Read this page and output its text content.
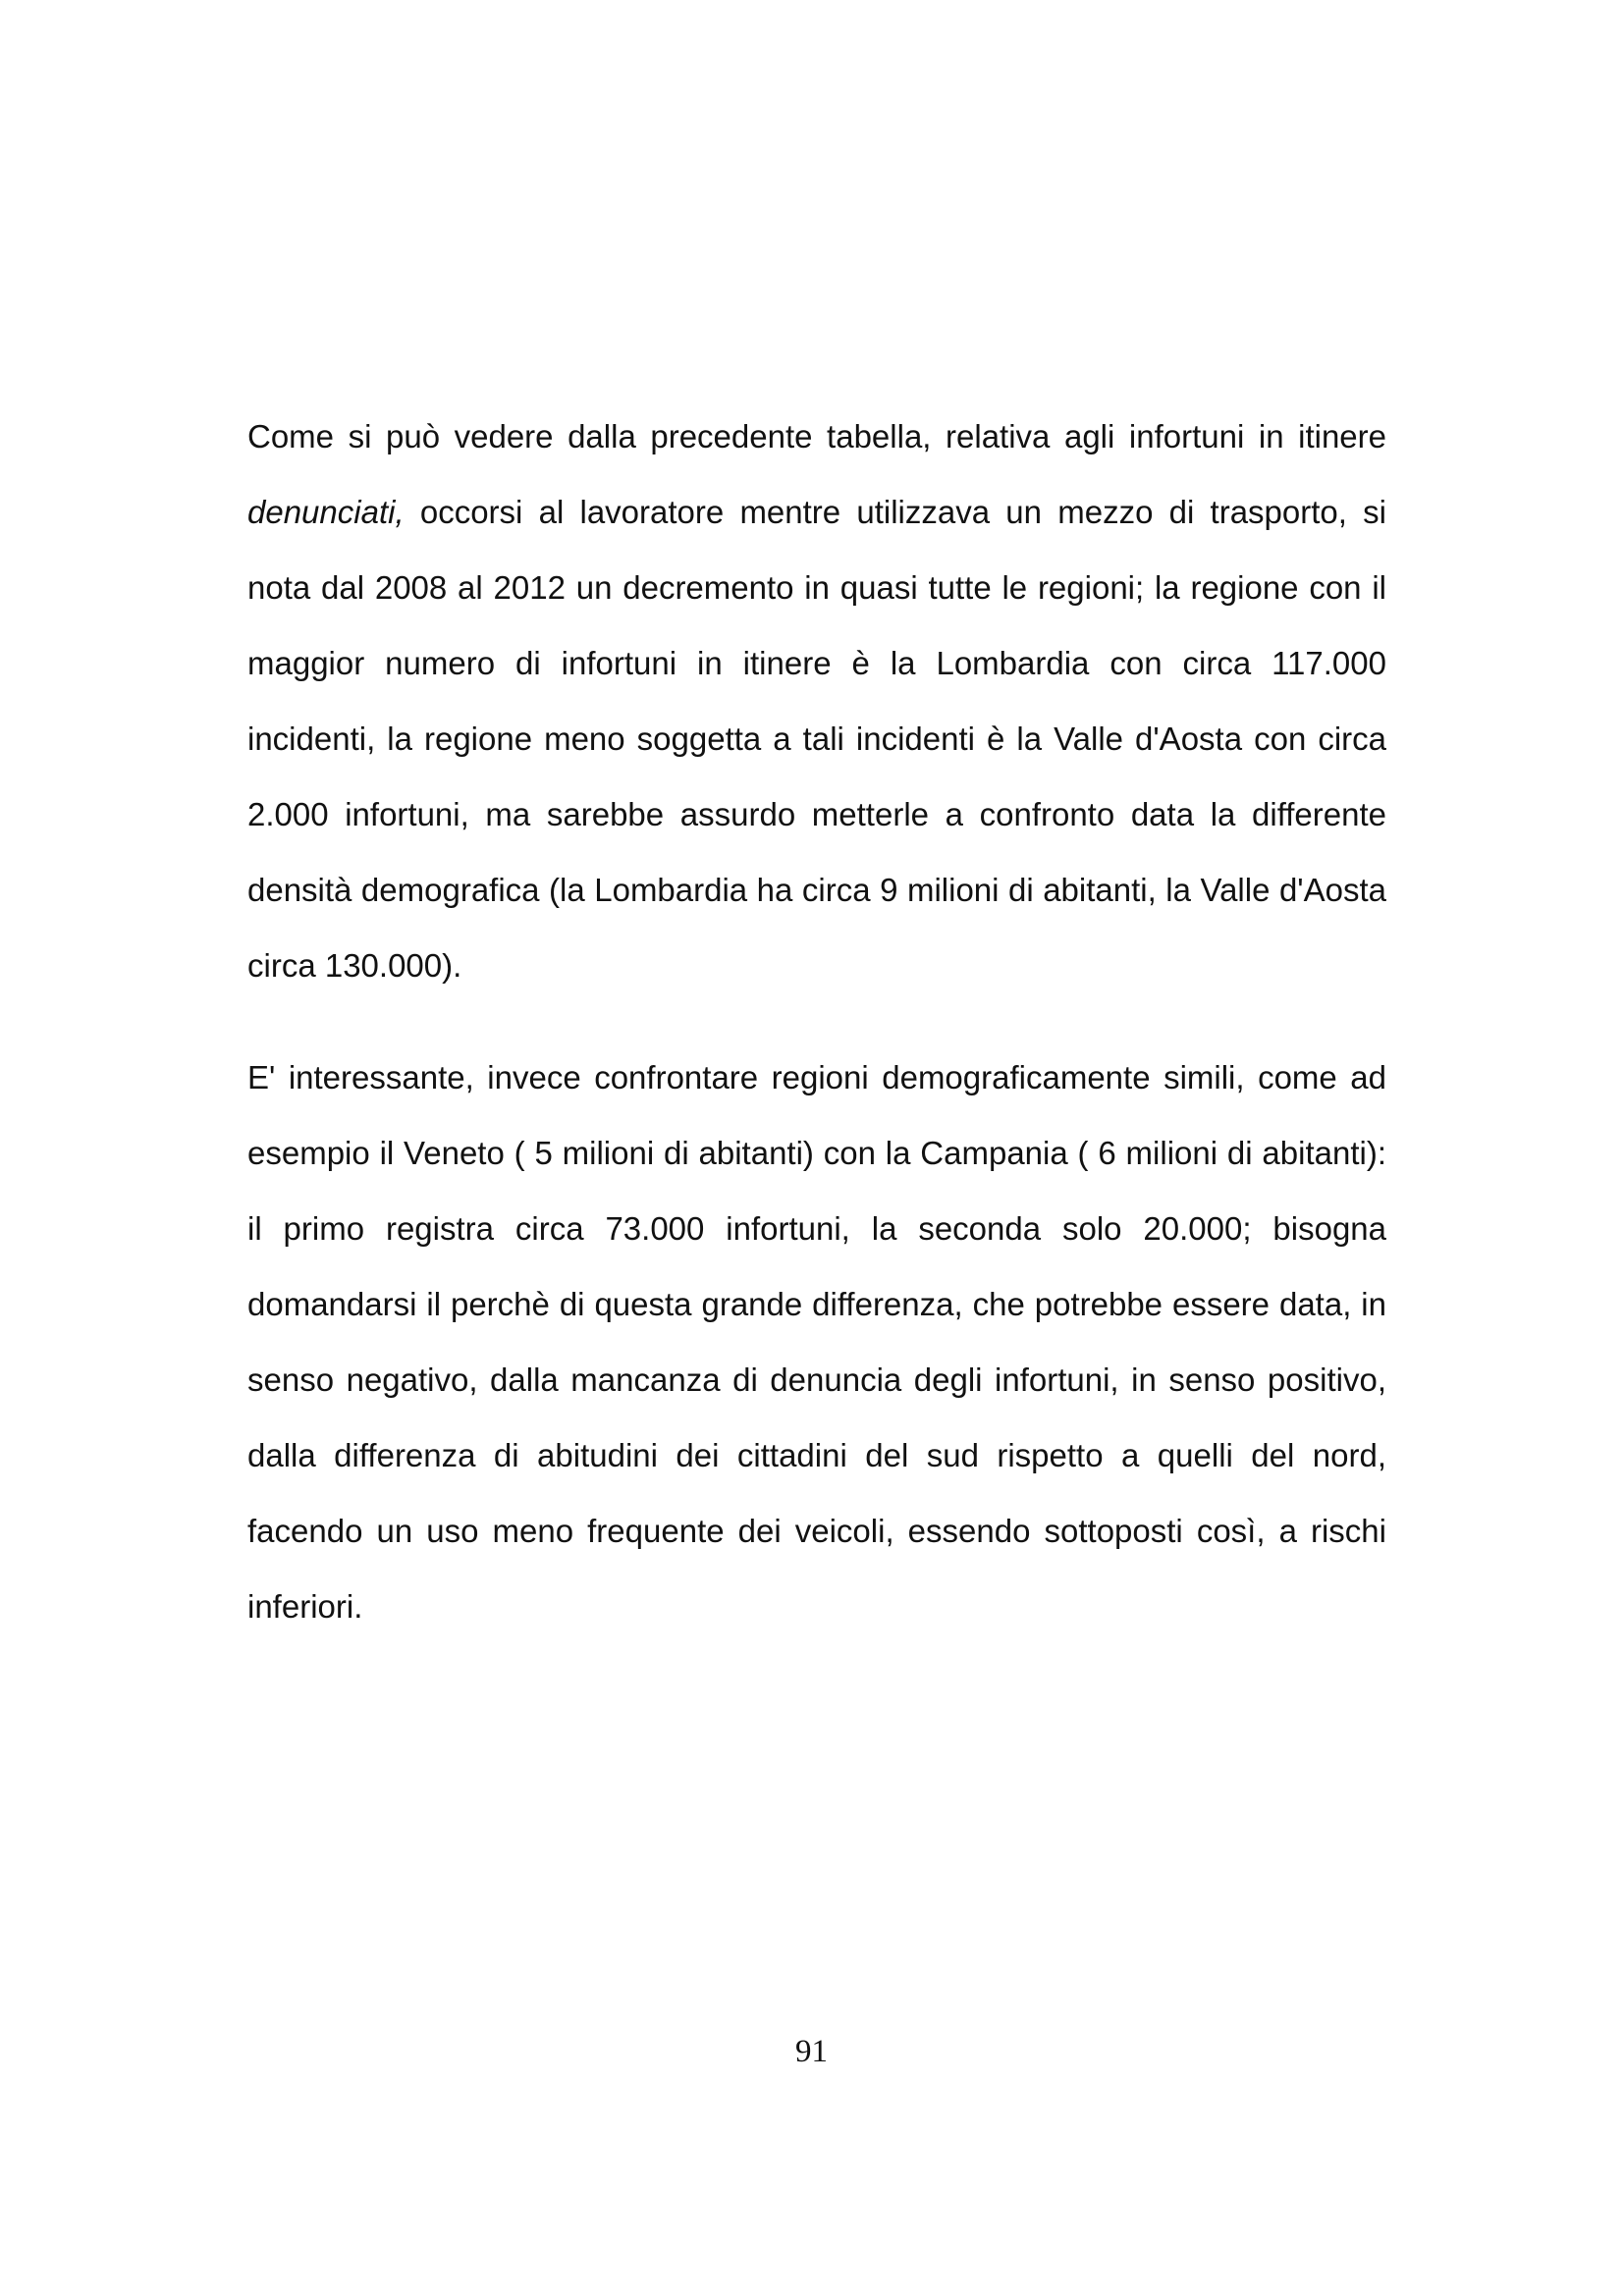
Come si può vedere dalla precedente tabella, relativa agli infortuni in itinere denunciati, occorsi al lavoratore mentre utilizzava un mezzo di trasporto, si nota dal 2008 al 2012 un decremento in quasi tutte le regioni; la regione con il maggior numero di infortuni in itinere è la Lombardia con circa 117.000 incidenti, la regione meno soggetta a tali incidenti è la Valle d'Aosta con circa 2.000 infortuni, ma sarebbe assurdo metterle a confronto data la differente densità demografica (la Lombardia ha circa 9 milioni di abitanti, la Valle d'Aosta circa 130.000).

E' interessante, invece confrontare regioni demograficamente simili, come ad esempio il Veneto ( 5 milioni di abitanti) con la Campania ( 6 milioni di abitanti): il primo registra circa 73.000 infortuni, la seconda solo 20.000; bisogna domandarsi il perchè di questa grande differenza, che potrebbe essere data, in senso negativo, dalla mancanza di denuncia degli infortuni, in senso positivo, dalla differenza di abitudini dei cittadini del sud rispetto a quelli del nord, facendo un uso meno frequente dei veicoli, essendo sottoposti così, a rischi inferiori.

91
